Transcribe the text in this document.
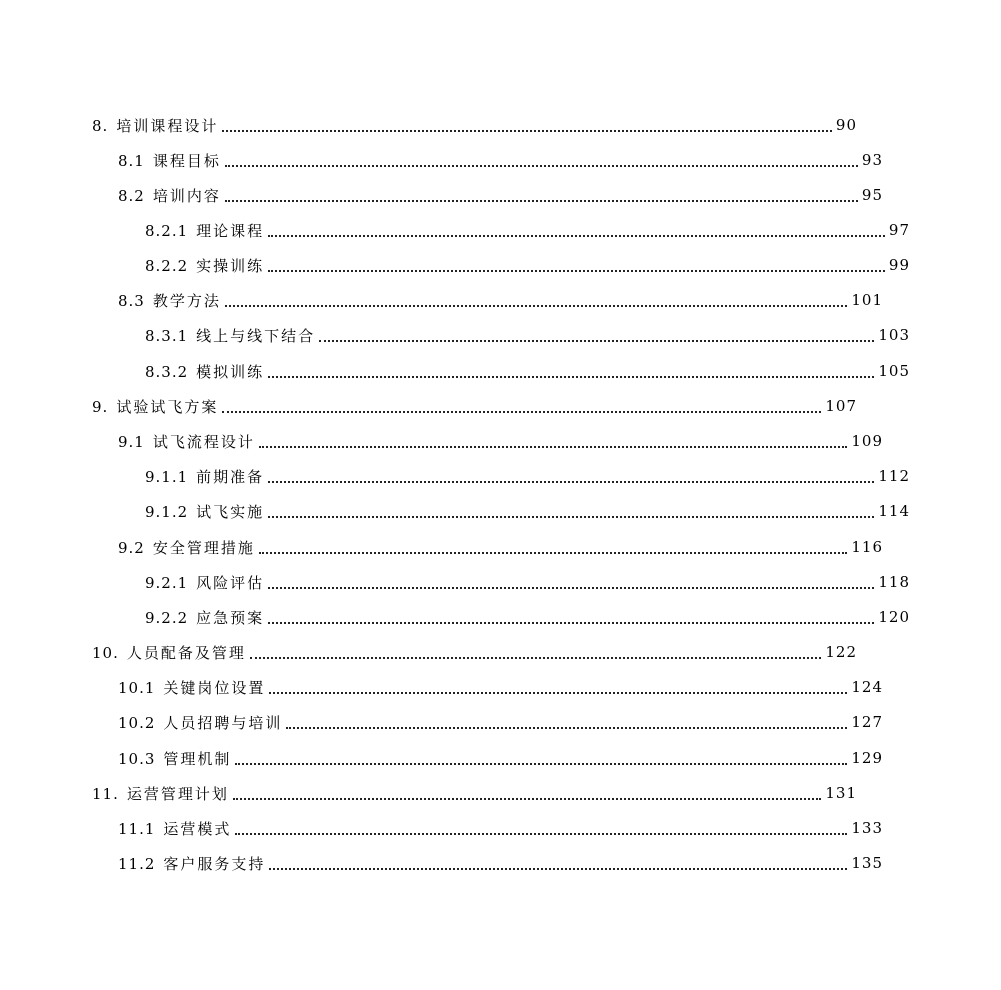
8. 培训课程设计	90
8.1 课程目标	93
8.2 培训内容	95
8.2.1 理论课程	97
8.2.2 实操训练	99
8.3 教学方法	101
8.3.1 线上与线下结合	103
8.3.2 模拟训练	105
9. 试验试飞方案	107
9.1 试飞流程设计	109
9.1.1 前期准备	112
9.1.2 试飞实施	114
9.2 安全管理措施	116
9.2.1 风险评估	118
9.2.2 应急预案	120
10. 人员配备及管理	122
10.1 关键岗位设置	124
10.2 人员招聘与培训	127
10.3 管理机制	129
11. 运营管理计划	131
11.1 运营模式	133
11.2 客户服务支持	135
